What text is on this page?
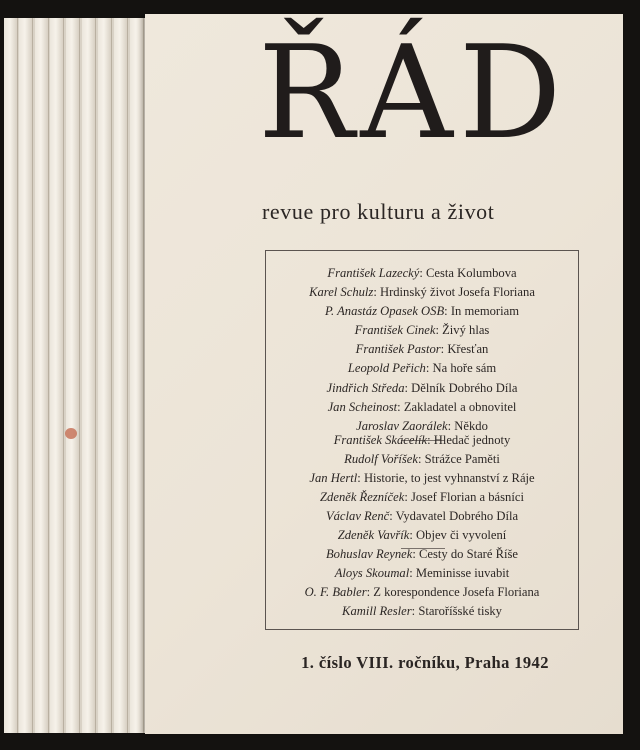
ŘÁD
revue pro kulturu a život
František Lazecký: Cesta Kolumbova
Karel Schulz: Hrdinský život Josefa Floriana
P. Anastáz Opasek OSB: In memoriam
František Cinek: Živý hlas
František Pastor: Křesťan
Leopold Peřich: Na hoře sám
Jindřich Středa: Dělník Dobrého Díla
Jan Scheinost: Zakladatel a obnovitel
Jaroslav Zaorálek: Někdo
František Skácelík: Hledač jednoty
Rudolf Voříšek: Strážce Paměti
Jan Hertl: Historie, to jest vyhnanství z Ráje
Zdeněk Řezníček: Josef Florian a básníci
Václav Renč: Vydavatel Dobrého Díla
Zdeněk Vavřík: Objev či vyvolení
Bohuslav Reynek: Cesty do Staré Říše
Aloys Skoumal: Meminisse iuvabit
O. F. Babler: Z korespondence Josefa Floriana
Kamill Resler: Staroříšské tisky
1. číslo VIII. ročníku, Praha 1942
